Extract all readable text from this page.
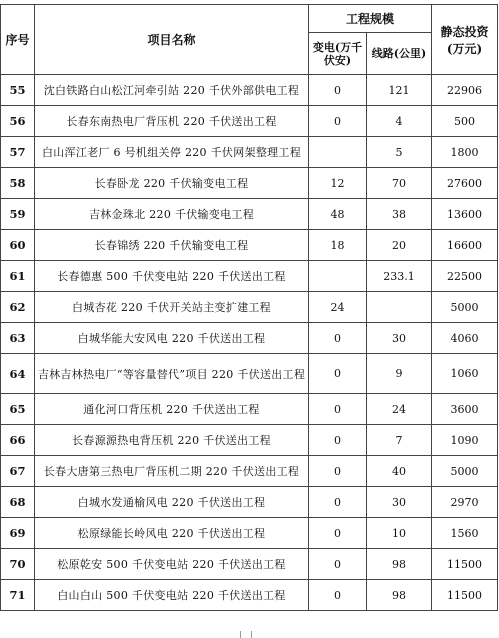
序号	项目名称	工程规模		静态投资(万元)
		变电(万千伏安)	线路(公里)	
55	沈白铁路白山松江河牵引站 220 千伏外部供电工程	0	121	22906
56	长春东南热电厂背压机 220 千伏送出工程	0	4	500
57	白山浑江老厂 6 号机组关停 220 千伏网架整理工程		5	1800
58	长春卧龙 220 千伏输变电工程	12	70	27600
59	吉林金珠北 220 千伏输变电工程	48	38	13600
60	长春锦绣 220 千伏输变电工程	18	20	16600
61	长春德惠 500 千伏变电站 220 千伏送出工程		233.1	22500
62	白城杏花 220 千伏开关站主变扩建工程	24		5000
63	白城华能大安风电 220 千伏送出工程	0	30	4060
64	吉林吉林热电厂“等容量替代”项目 220 千伏送出工程	0	9	1060
65	通化河口背压机 220 千伏送出工程	0	24	3600
66	长春源源热电背压机 220 千伏送出工程	0	7	1090
67	长春大唐第三热电厂背压机二期 220 千伏送出工程	0	40	5000
68	白城水发通榆风电 220 千伏送出工程	0	30	2970
69	松原绿能长岭风电 220 千伏送出工程	0	10	1560
70	松原乾安 500 千伏变电站 220 千伏送出工程	0	98	11500
71	白山白山 500 千伏变电站 220 千伏送出工程	0	98	11500
